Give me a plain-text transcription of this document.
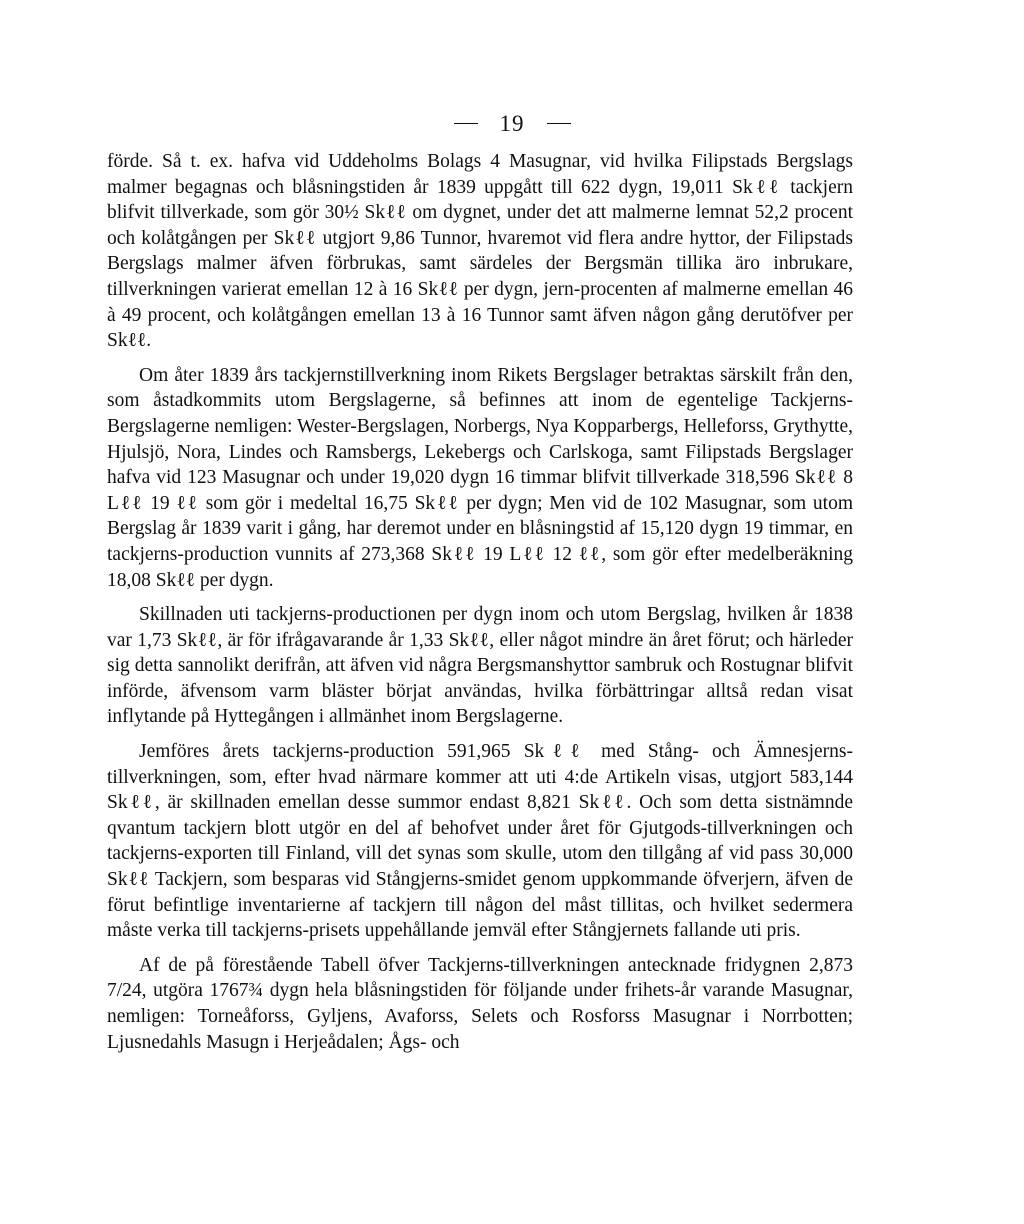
19

förde. Så t. ex. hafva vid Uddeholms Bolags 4 Masugnar, vid hvilka Filipstads Bergslags malmer begagnas och blåsningstiden år 1839 uppgått till 622 dygn, 19,011 Skℓℓ tackjern blifvit tillverkade, som gör 30½ Skℓℓ om dygnet, under det att malmerne lemnat 52,2 procent och kolåtgången per Skℓℓ utgjort 9,86 Tunnor, hvaremot vid flera andre hyttor, der Filipstads Bergslags malmer äfven förbrukas, samt särdeles der Bergsmän tillika äro inbrukare, tillverkningen varierat emellan 12 à 16 Skℓℓ per dygn, jern-procenten af malmerne emellan 46 à 49 procent, och kolåtgången emellan 13 à 16 Tunnor samt äfven någon gång derutöfver per Skℓℓ.

Om åter 1839 års tackjernstillverkning inom Rikets Bergslager betraktas särskilt från den, som åstadkommits utom Bergslagerne, så befinnes att inom de egentelige Tackjerns-Bergslagerne nemligen: Wester-Bergslagen, Norbergs, Nya Kopparbergs, Helleforss, Grythytte, Hjulsjö, Nora, Lindes och Ramsbergs, Lekebergs och Carlskoga, samt Filipstads Bergslager hafva vid 123 Masugnar och under 19,020 dygn 16 timmar blifvit tillverkade 318,596 Skℓℓ 8 Lℓℓ 19 ℓℓ som gör i medeltal 16,75 Skℓℓ per dygn; Men vid de 102 Masugnar, som utom Bergslag år 1839 varit i gång, har deremot under en blåsningstid af 15,120 dygn 19 timmar, en tackjerns-production vunnits af 273,368 Skℓℓ 19 Lℓℓ 12 ℓℓ, som gör efter medelberäkning 18,08 Skℓℓ per dygn.

Skillnaden uti tackjerns-productionen per dygn inom och utom Bergslag, hvilken år 1838 var 1,73 Skℓℓ, är för ifrågavarande år 1,33 Skℓℓ, eller något mindre än året förut; och härleder sig detta sannolikt derifrån, att äfven vid några Bergsmanshyttor sambruk och Rostugnar blifvit införde, äfvensom varm bläster börjat användas, hvilka förbättringar alltså redan visat inflytande på Hyttegången i allmänhet inom Bergslagerne.

Jemföres årets tackjerns-production 591,965 Skℓℓ med Stång- och Ämnesjerns-tillverkningen, som, efter hvad närmare kommer att uti 4:de Artikeln visas, utgjort 583,144 Skℓℓ, är skillnaden emellan desse summor endast 8,821 Skℓℓ. Och som detta sistnämnde qvantum tackjern blott utgör en del af behofvet under året för Gjutgods-tillverkningen och tackjerns-exporten till Finland, vill det synas som skulle, utom den tillgång af vid pass 30,000 Skℓℓ Tackjern, som besparas vid Stångjerns-smidet genom uppkommande öfverjern, äfven de förut befintlige inventarierne af tackjern till någon del måst tillitas, och hvilket sedermera måste verka till tackjerns-prisets uppehållande jemväl efter Stångjernets fallande uti pris.

Af de på förestående Tabell öfver Tackjerns-tillverkningen antecknade fridygnen 2,873 7/24, utgöra 1767¾ dygn hela blåsningstiden för följande under frihets-år varande Masugnar, nemligen: Torneåforss, Gyljens, Avaforss, Selets och Rosforss Masugnar i Norrbotten; Ljusnedahls Masugn i Herjeådalen; Ågs- och
